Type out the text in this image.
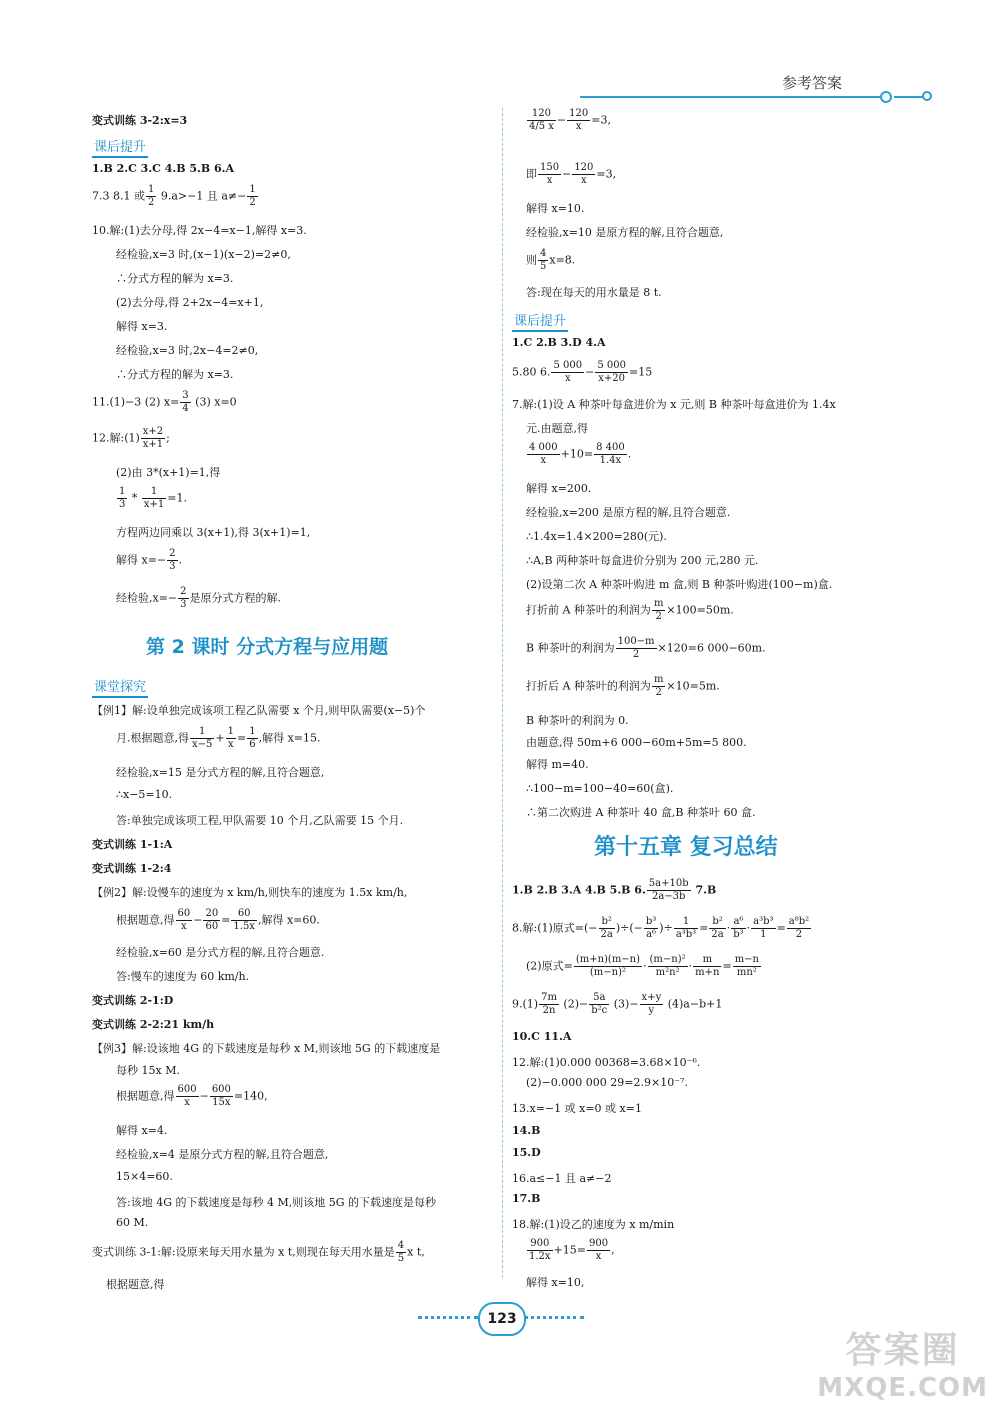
参考答案
变式训练 3-2:x=3
课后提升
1.B 2.C 3.C 4.B 5.B 6.A
7.3 8.1 或 $\frac{1}{2} 9.a>-1$ 且 $a\ne- \frac{1}{2}$
10.解:(1)去分母,得 2x−4=x−1,解得 x=3.
经检验,x=3 时,(x−1)(x−2)=2≠0,
∴分式方程的解为 x=3.
(2)去分母,得 2+2x−4=x+1,
解得 x=3.
经检验,x=3 时,2x−4=2≠0,
∴分式方程的解为 x=3.
11.(1)−3 (2) $x= \frac{3}{4} (3)$ x=0
12.解:(1) $\frac{x+2}{x+1}$ ;
(2)由 3*(x+1)=1,得
$\frac{1}{3} * \frac{1}{x+1} =1$.
方程两边同乘以 3(x+1),得 3(x+1)=1,
解得 $x=- \frac{2}{3}$ .
经检验$,x=- \frac{2}{3}$ 是原分式方程的解.
第 2 课时 分式方程与应用题
课堂探究
【例1】解:设单独完成该项工程乙队需要 x 个月,则甲队需要(x−5)个
月.根据题意,得 $\frac{1}{x-5} + \frac{1}{x} = \frac{1}{6}$ ,解得 x=15.
经检验,x=15 是分式方程的解,且符合题意,
∴x−5=10.
答:单独完成该项工程,甲队需要 10 个月,乙队需要 15 个月.
变式训练 1-1:A
变式训练 1-2:4
【例2】解:设慢车的速度为 x km/h,则快车的速度为 1.5x km/h,
根据题意,得 $\frac{60}{x} - \frac{20}{60} = \frac{60}{1.5x}$ ,解得 x=60.
经检验,x=60 是分式方程的解,且符合题意.
答:慢车的速度为 60 km/h.
变式训练 2-1:D
变式训练 2-2:21 km/h
【例3】解:设该地 4G 的下载速度是每秒 x M,则该地 5G 的下载速度是
每秒 15x M.
根据题意,得 $\frac{600}{x} - \frac{600}{15x} =140$,
解得 x=4.
经检验,x=4 是原分式方程的解,且符合题意,
15×4=60.
答:该地 4G 的下载速度是每秒 4 M,则该地 5G 的下载速度是每秒
60 M.
变式训练 3-1:解:设原来每天用水量为 x t,则现在每天用水量是 $\frac{4}{5}$ x t,
根据题意,得
$\frac{120}{4/5 x} - \frac{120}{x} =3$,
即 $\frac{150}{x} - \frac{120}{x} =3$,
解得 x=10.
经检验,x=10 是原方程的解,且符合题意,
则 $\frac{4}{5} x=8$.
答:现在每天的用水量是 8 t.
课后提升
1.C 2.B 3.D 4.A
5.80 6. $\frac{5 000}{x} - \frac{5 000}{x+20} =15$
7.解:(1)设 A 种茶叶每盒进价为 x 元,则 B 种茶叶每盒进价为 1.4x
元.由题意,得
$\frac{4 000}{x} +10= \frac{8 400}{1.4x}$ .
解得 x=200.
经检验,x=200 是原方程的解,且符合题意.
∴1.4x=1.4×200=280(元).
∴A,B 两种茶叶每盒进价分别为 200 元,280 元.
(2)设第二次 A 种茶叶购进 m 盒,则 B 种茶叶购进(100−m)盒.
打折前 A 种茶叶的利润为 $\frac{m}{2} \times 100=50m$.
B 种茶叶的利润为 $\frac{100-m}{2} \times 120=6$ 000−60m.
打折后 A 种茶叶的利润为 $\frac{m}{2} \times 10=5m$.
B 种茶叶的利润为 0.
由题意,得 50m+6 000−60m+5m=5 800.
解得 m=40.
∴100−m=100−40=60(盒).
∴第二次购进 A 种茶叶 40 盒,B 种茶叶 60 盒.
第十五章 复习总结
1.B 2.B 3.A 4.B 5.B 6. $\frac{5a+10b}{2a-3b} 7.B$
8.解:(1)原式=(− $\frac{\text{b²}}{2a}$ )÷(− $\frac{\text{b³}}{\text{a⁶}}$ )÷ $\frac{1}{\text{a³b³}} = \frac{\text{b²}}{2a} \cdot \frac{\text{a⁶}}{\text{b³}} \cdot \frac{\text{a³b³}}{1} = \frac{\text{a⁸b²}}{2}$
(2)原式= $\frac{(m+n)(m-n)}{\text{(m−n)²}} \cdot \frac{\text{(m−n)²}}{\text{m²n²}} \cdot \frac{m}{m+n} = \frac{m-n}{\text{mn²}}$
$9.(1) \frac{7m}{2n} (2)- \frac{5a}{\text{b²c}} (3)- \frac{x+y}{y} (4)a-b+1$
10.C 11.A
12.解:(1)0.000 00368=3.68×10⁻⁶.
(2)−0.000 000 29=2.9×10⁻⁷.
13.x=−1 或 x=0 或 x=1
14.B
15.D
16.a≤−1 且 a≠−2
17.B
18.解:(1)设乙的速度为 x m/min
$\frac{900}{1.2x} +15= \frac{900}{x}$ ,
解得 x=10,
123
答案圈
MXQE.COM
